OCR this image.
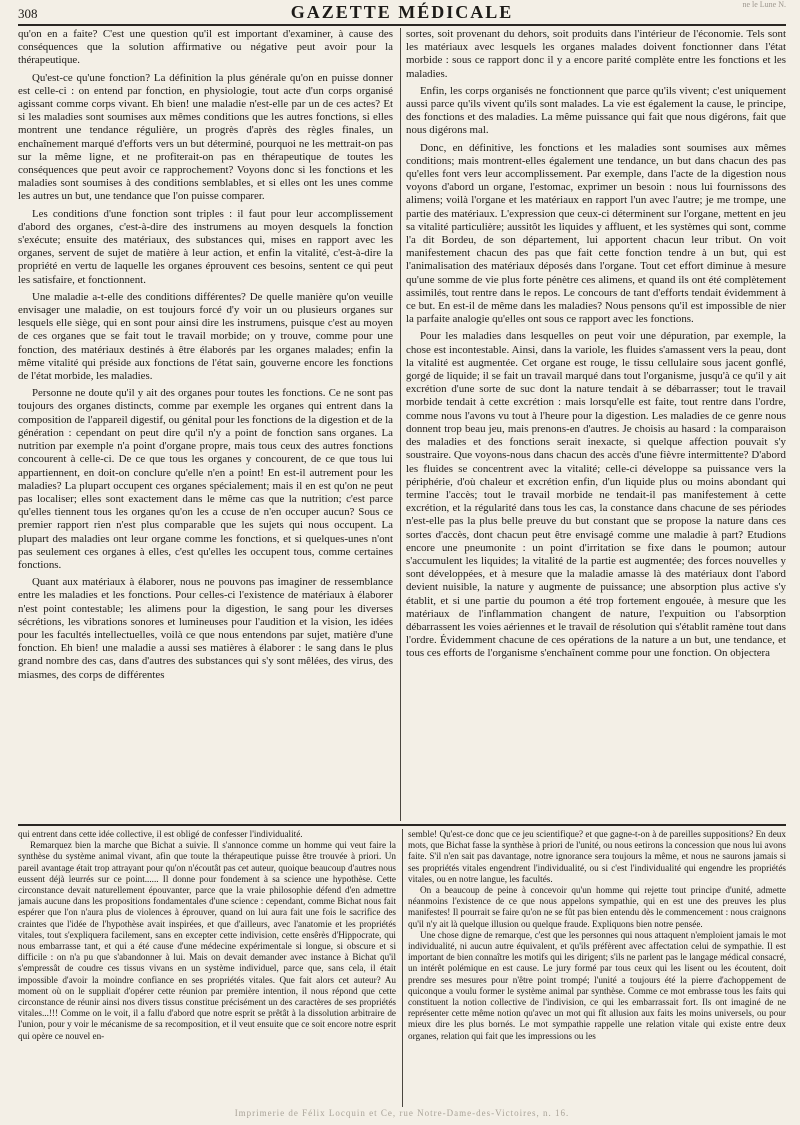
308	GAZETTE MÉDICALE	ne le Lune N.

qu'on en a faite? C'est une question qu'il est important d'examiner, à cause des conséquences que la solution affirmative ou négative peut avoir pour la thérapeutique.

Qu'est-ce qu'une fonction? La définition la plus générale qu'on en puisse donner est celle-ci : on entend par fonction, en physiologie, tout acte d'un corps organisé agissant comme corps vivant. Eh bien! une maladie n'est-elle par un de ces actes? Et si les maladies sont soumises aux mêmes conditions que les autres fonctions, si elles montrent une tendance régulière, un progrès d'après des règles finales, un enchaînement marqué d'efforts vers un but déterminé, pourquoi ne les mettrait-on pas sur la même ligne, et ne profiterait-on pas en thérapeutique de toutes les conséquences que peut avoir ce rapprochement? Voyons donc si les fonctions et les maladies sont soumises à des conditions semblables, et si elles ont les unes comme les autres un but, une tendance que l'on puisse comparer.

Les conditions d'une fonction sont triples : il faut pour leur accomplissement d'abord des organes, c'est-à-dire des instrumens au moyen desquels la fonction s'exécute; ensuite des matériaux, des substances qui, mises en rapport avec les organes, servent de sujet de matière à leur action, et enfin la vitalité, c'est-à-dire la propriété en vertu de laquelle les organes éprouvent ces besoins, sentent ce qui peut les satisfaire, et fonctionnent.

Une maladie a-t-elle des conditions différentes? De quelle manière qu'on veuille envisager une maladie, on est toujours forcé d'y voir un ou plusieurs organes sur lesquels elle siège, qui en sont pour ainsi dire les instrumens, puisque c'est au moyen de ces organes que se fait tout le travail morbide; on y trouve, comme pour une fonction, des matériaux destinés à être élaborés par les organes malades; enfin la même vitalité qui préside aux fonctions de l'état sain, gouverne encore les fonctions de l'état morbide, les maladies.

Personne ne doute qu'il y ait des organes pour toutes les fonctions. Ce ne sont pas toujours des organes distincts, comme par exemple les organes qui entrent dans la composition de l'appareil digestif, ou génital pour les fonctions de la digestion et de la génération : cependant on peut dire qu'il n'y a point de fonction sans organes. La nutrition par exemple n'a point d'organe propre, mais tous ceux des autres fonctions concourent à celle-ci. De ce que tous les organes y concourent, de ce que tous lui appartiennent, en doit-on conclure qu'elle n'en a point! En est-il autrement pour les maladies? La plupart occupent ces organes spécialement; mais il en est qu'on ne peut pas localiser; elles sont exactement dans le même cas que la nutrition; c'est parce qu'elles tiennent tous les organes qu'on les a ccuse de n'en occuper aucun? Sous ce premier rapport rien n'est plus comparable que les sujets qui nous occupent. La plupart des maladies ont leur organe comme les fonctions, et si quelques-unes n'ont pas seulement ces organes à elles, c'est qu'elles les occupent tous, comme certaines fonctions.

Quant aux matériaux à élaborer, nous ne pouvons pas imaginer de ressemblance entre les maladies et les fonctions. Pour celles-ci l'existence de matériaux à élaborer n'est point contestable; les alimens pour la digestion, le sang pour les diverses sécrétions, les vibrations sonores et lumineuses pour l'audition et la vision, les idées pour les facultés intellectuelles, voilà ce que nous entendons par sujet, matière d'une fonction. Eh bien! une maladie a aussi ses matières à élaborer : le sang dans le plus grand nombre des cas, dans d'autres des substances qui s'y sont mêlées, des virus, des miasmes, des corps de différentes

sortes, soit provenant du dehors, soit produits dans l'intérieur de l'économie. Tels sont les matériaux avec lesquels les organes malades doivent fonctionner dans l'état morbide : sous ce rapport donc il y a encore parité complète entre les fonctions et les maladies.

Enfin, les corps organisés ne fonctionnent que parce qu'ils vivent; c'est uniquement aussi parce qu'ils vivent qu'ils sont malades. La vie est également la cause, le principe, des fonctions et des maladies. La même puissance qui fait que nous digérons, fait que nous digérons mal.

Donc, en définitive, les fonctions et les maladies sont soumises aux mêmes conditions; mais montrent-elles également une tendance, un but dans chacun des pas qu'elles font vers leur accomplissement. Par exemple, dans l'acte de la digestion nous voyons d'abord un organe, l'estomac, exprimer un besoin : nous lui fournissons des alimens; voilà l'organe et les matériaux en rapport l'un avec l'autre; je me trompe, une partie des matériaux. L'expression que ceux-ci déterminent sur l'organe, mettent en jeu sa vitalité particulière; aussitôt les liquides y affluent, et les systèmes qui sont, comme l'a dit Bordeu, de son département, lui apportent chacun leur tribut. On voit manifestement chacun des pas que fait cette fonction tendre à un but, qui est l'animalisation des matériaux déposés dans l'organe. Tout cet effort diminue à mesure qu'une somme de vie plus forte pénètre ces alimens, et quand ils ont été complètement assimilés, tout rentre dans le repos. Le concours de tant d'efforts tendait évidemment à ce but. En est-il de même dans les maladies? Nous pensons qu'il est impossible de nier la parfaite analogie qu'elles ont sous ce rapport avec les fonctions.

Pour les maladies dans lesquelles on peut voir une dépuration, par exemple, la chose est incontestable. Ainsi, dans la variole, les fluides s'amassent vers la peau, dont la vitalité est augmentée. Cet organe est rouge, le tissu cellulaire sous jacent gonflé, gorgé de liquide; il se fait un travail marqué dans tout l'organisme, jusqu'à ce qu'il y ait excrétion d'une sorte de suc dont la nature tendait à se débarrasser; tout le travail morbide tendait à cette excrétion : mais lorsqu'elle est faite, tout rentre dans l'ordre, comme nous l'avons vu tout à l'heure pour la digestion. Les maladies de ce genre nous donnent trop beau jeu, mais prenons-en d'autres. Je choisis au hasard : la comparaison des maladies et des fonctions serait inexacte, si quelque affection pouvait s'y soustraire. Que voyons-nous dans chacun des accès d'une fièvre intermittente? D'abord les fluides se concentrent avec la vitalité; celle-ci développe sa puissance vers la périphérie, d'où chaleur et excrétion enfin, d'un liquide plus ou moins abondant qui termine l'accès; tout le travail morbide ne tendait-il pas manifestement à cette excrétion, et la régularité dans tous les cas, la constance dans chacune de ses périodes n'est-elle pas la plus belle preuve du but constant que se propose la nature dans ces sortes d'accès, dont chacun peut être envisagé comme une maladie à part? Etudions encore une pneumonite : un point d'irritation se fixe dans le poumon; autour s'accumulent les liquides; la vitalité de la partie est augmentée; des forces nouvelles y sont développées, et à mesure que la maladie amasse là des matériaux dont l'abord devient nuisible, la nature y augmente de puissance; une absorption plus active s'y établit, et si une partie du poumon a été trop fortement engouée, à mesure que les matériaux de l'inflammation changent de nature, l'expuition ou l'absorption débarrassent les voies aériennes et le travail de résolution qui s'établit ramène tout dans l'ordre. Évidemment chacune de ces opérations de la nature a un but, une tendance, et tous ces efforts de l'organisme s'enchaînent comme pour une fonction. On objectera

qui entrent dans cette idée collective, il est obligé de confesser l'individualité.

Remarquez bien la marche que Bichat a suivie. Il s'annonce comme un homme qui veut faire la synthèse du système animal vivant, afin que toute la thérapeutique puisse être trouvée à priori. Un pareil avantage était trop attrayant pour qu'on n'écoutât pas cet auteur, quoique beaucoup d'autres nous eussent déjà leurrés sur ce point...... Il donne pour fondement à sa science une hypothèse. Cette circonstance devait naturellement épouvanter, parce que la vraie philosophie défend d'en admettre jamais aucune dans les propositions fondamentales d'une science : cependant, comme Bichat nous fait espérer que l'on n'aura plus de violences à éprouver, quand on lui aura fait une fois le sacrifice des craintes que l'idée de l'hypothèse avait inspirées, et que d'ailleurs, avec l'anatomie et les propriétés vitales, tout s'expliquera facilement, sans en excepter cette indivision, cette ensêrès d'Hippocrate, qui nous embarrasse tant, et qui a été cause d'une médecine expérimentale si longue, si obscure et si difficile : on n'a pu que s'abandonner à lui. Mais on devait demander avec instance à Bichat qu'il s'empressât de coudre ces tissus vivans en un système individuel, parce que, sans cela, il était impossible d'avoir la moindre confiance en ses propriétés vitales. Que fait alors cet auteur? Au moment où on le suppliait d'opérer cette réunion par première intention, il nous répond que cette circonstance de réunir ainsi nos divers tissus constitue précisément un des caractères de ses propriétés vitales...!!! Comme on le voit, il a fallu d'abord que notre esprit se prêtât à la dissolution arbitraire de l'union, pour y voir le mécanisme de sa recomposition, et il veut ensuite que ce soit encore notre esprit qui opère ce nouvel en-

semble! Qu'est-ce donc que ce jeu scientifique? et que gagne-t-on à de pareilles suppositions? En deux mots, que Bichat fasse la synthèse à priori de l'unité, ou nous eetirons la concession que nous lui avons faite. S'il n'en sait pas davantage, notre ignorance sera toujours la même, et nous ne saurons jamais si ses propriétés vitales engendrent l'individualité, ou si c'est l'individualité qui engendre les propriétés vitales, ou en notre langue, les facultés.

On a beaucoup de peine à concevoir qu'un homme qui rejette tout principe d'unité, admette néanmoins l'existence de ce que nous appelons sympathie, qui en est une des preuves les plus manifestes! Il pourrait se faire qu'on ne se fût pas bien entendu dès le commencement : nous craignons qu'il n'y ait là quelque illusion ou quelque fraude. Expliquons bien notre pensée.

Une chose digne de remarque, c'est que les personnes qui nous attaquent n'emploient jamais le mot individualité, ni aucun autre équivalent, et qu'ils préfèrent avec affectation celui de sympathie. Il est important de bien connaître les motifs qui les dirigent; s'ils ne parlent pas le langage médical consacré, un intérêt polémique en est cause. Le jury formé par tous ceux qui les lisent ou les écoutent, doit prendre ses mesures pour n'être point trompé; l'unité a toujours été la pierre d'achoppement de quiconque a voulu former le système animal par synthèse. Comme ce mot embrasse tous les faits qui constituent la notion collective de l'indivision, ce qui les embarrassait fort. Ils ont imaginé de ne représenter cette même notion qu'avec un mot qui fît allusion aux faits les moins universels, ou pour mieux dire les plus bornés. Le mot sympathie rappelle une relation vitale qui existe entre deux organes, relation qui fait que les impressions ou les

Imprimerie de Félix Locquin et Ce, rue Notre-Dame-des-Victoires, n. 16.
